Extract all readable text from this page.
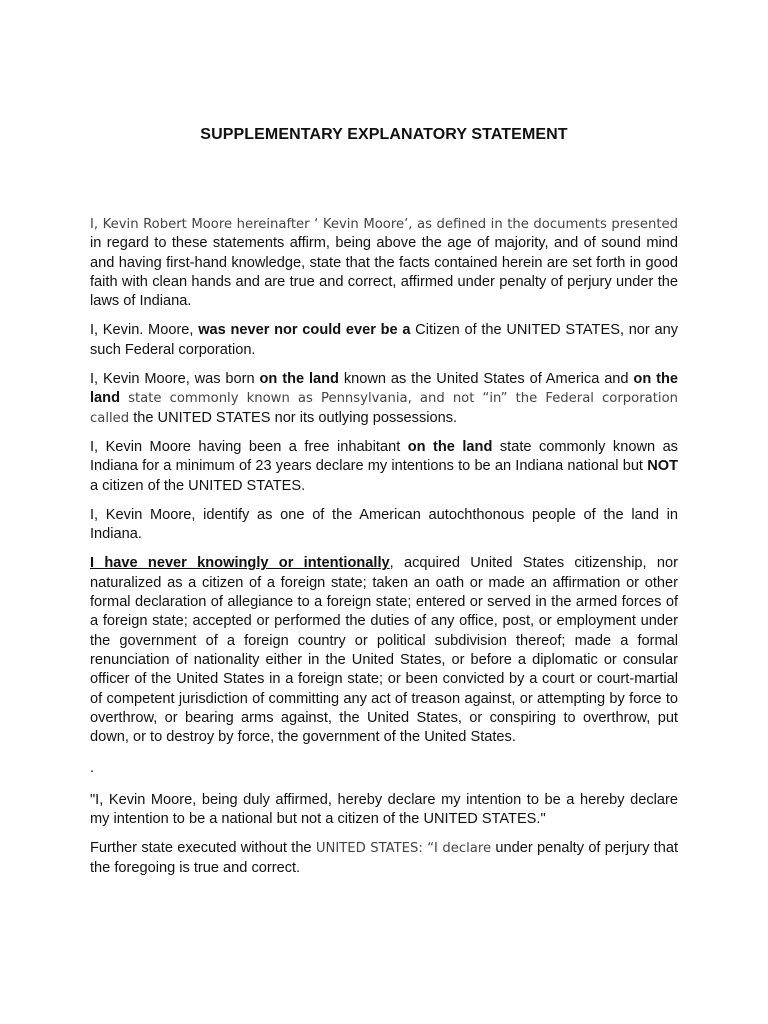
SUPPLEMENTARY EXPLANATORY STATEMENT

I, Kevin Robert Moore hereinafter ‘ Kevin Moore’, as defined in the documents presented in regard to these statements affirm, being above the age of majority, and of sound mind and having first-hand knowledge, state that the facts contained herein are set forth in good faith with clean hands and are true and correct, affirmed under penalty of perjury under the laws of Indiana.

I, Kevin. Moore, was never nor could ever be a Citizen of the UNITED STATES, nor any such Federal corporation.

I, Kevin Moore, was born on the land known as the United States of America and on the land state commonly known as Pennsylvania, and not “in” the Federal corporation called the UNITED STATES nor its outlying possessions.

I, Kevin Moore having been a free inhabitant on the land state commonly known as Indiana for a minimum of 23 years declare my intentions to be an Indiana national but NOT a citizen of the UNITED STATES.

I, Kevin Moore, identify as one of the American autochthonous people of the land in Indiana.

I have never knowingly or intentionally, acquired United States citizenship, nor naturalized as a citizen of a foreign state; taken an oath or made an affirmation or other formal declaration of allegiance to a foreign state; entered or served in the armed forces of a foreign state; accepted or performed the duties of any office, post, or employment under the government of a foreign country or political subdivision thereof; made a formal renunciation of nationality either in the United States, or before a diplomatic or consular officer of the United States in a foreign state; or been convicted by a court or court-martial of competent jurisdiction of committing any act of treason against, or attempting by force to overthrow, or bearing arms against, the United States, or conspiring to overthrow, put down, or to destroy by force, the government of the United States.

.

"I, Kevin Moore, being duly affirmed, hereby declare my intention to be a hereby declare my intention to be a national but not a citizen of the UNITED STATES."

Further state executed without the UNITED STATES: “I declare under penalty of perjury that the foregoing is true and correct.
